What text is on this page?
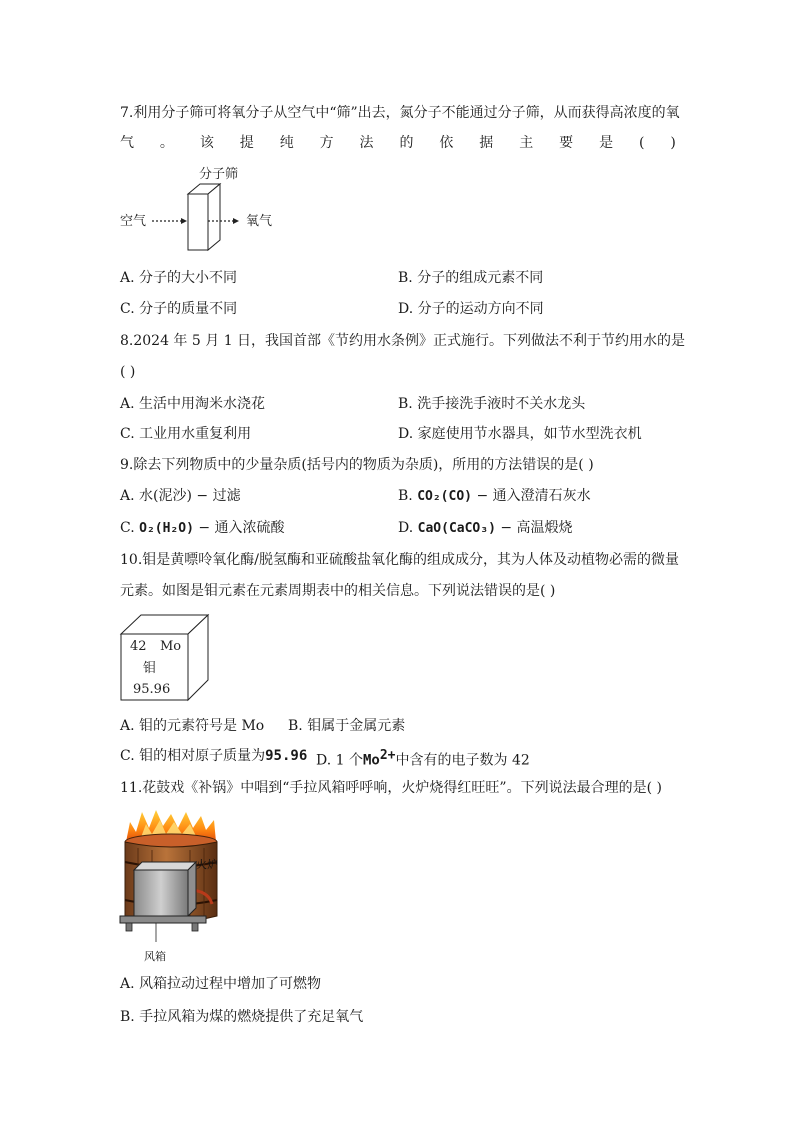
7.利用分子筛可将氧分子从空气中“筛”出去，氮分子不能通过分子筛，从而获得高浓度的氧
气 。 该 提 纯 方 法 的 依 据 主 要 是 ( )
分子筛
空气	氧气
A. 分子的大小不同	B. 分子的组成元素不同
C. 分子的质量不同	D. 分子的运动方向不同
8.2024 年 5 月 1 日，我国首部《节约用水条例》正式施行。下列做法不利于节约用水的是
( )
A. 生活中用淘米水浇花	B. 洗手接洗手液时不关水龙头
C. 工业用水重复利用	D. 家庭使用节水器具，如节水型洗衣机
9.除去下列物质中的少量杂质(括号内的物质为杂质)，所用的方法错误的是( )
A. 水(泥沙) − 过滤	B. CO₂(CO) − 通入澄清石灰水
C. O₂(H₂O) − 通入浓硫酸	D. CaO(CaCO₃) − 高温煅烧
10.钼是黄嘌呤氧化酶/脱氢酶和亚硫酸盐氧化酶的组成成分，其为人体及动植物必需的微量
元素。如图是钼元素在元素周期表中的相关信息。下列说法错误的是( )
42 Mo
钼
95.96
A. 钼的元素符号是 Mo B. 钼属于金属元素
C. 钼的相对原子质量为95.96 D. 1 个$Mo^{2+}$中含有的电子数为 42
11.花鼓戏《补锅》中唱到“手拉风箱呼呼响，火炉烧得红旺旺”。下列说法最合理的是( )
火炉
风箱
A. 风箱拉动过程中增加了可燃物
B. 手拉风箱为煤的燃烧提供了充足氧气
